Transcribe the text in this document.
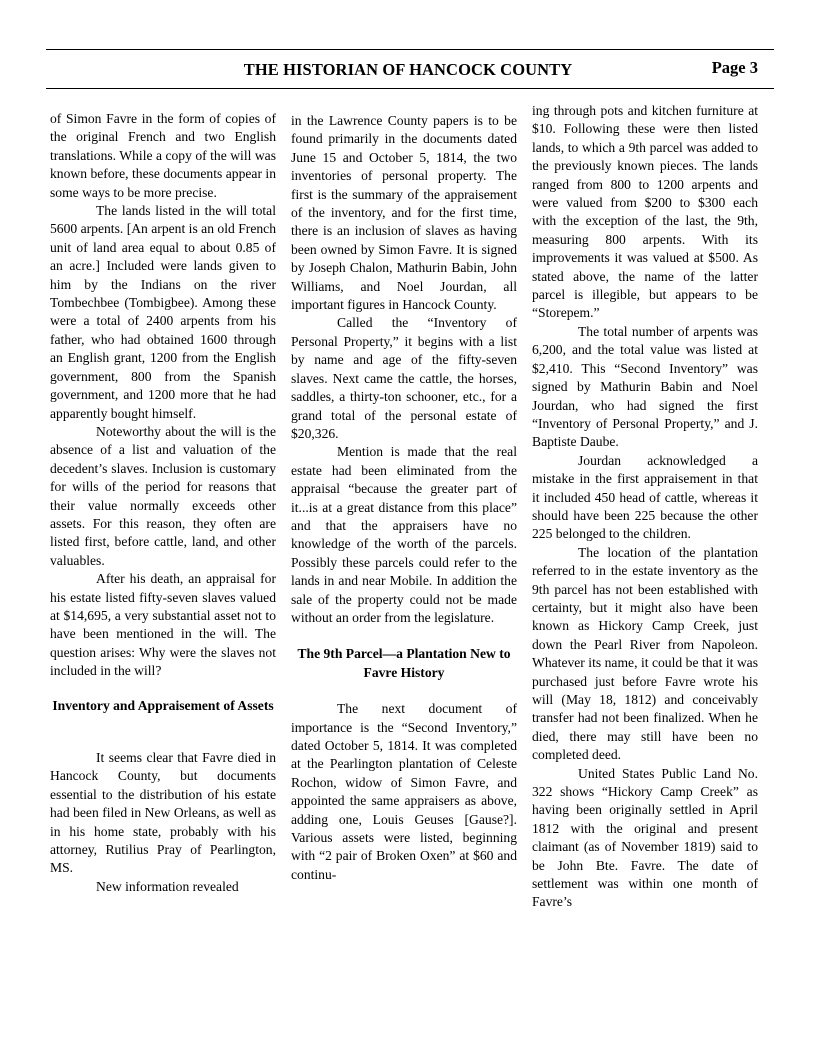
THE HISTORIAN OF HANCOCK COUNTY	Page 3

of Simon Favre in the form of copies of the original French and two English translations. While a copy of the will was known before, these documents appear in some ways to be more precise.

The lands listed in the will total 5600 arpents. [An arpent is an old French unit of land area equal to about 0.85 of an acre.] Included were lands given to him by the Indians on the river Tombechbee (Tombigbee). Among these were a total of 2400 arpents from his father, who had obtained 1600 through an English grant, 1200 from the English government, 800 from the Spanish government, and 1200 more that he had apparently bought himself.

Noteworthy about the will is the absence of a list and valuation of the decedent’s slaves. Inclusion is customary for wills of the period for reasons that their value normally exceeds other assets. For this reason, they often are listed first, before cattle, land, and other valuables.

After his death, an appraisal for his estate listed fifty-seven slaves valued at $14,695, a very substantial asset not to have been mentioned in the will. The question arises: Why were the slaves not included in the will?

Inventory and Appraisement of Assets

It seems clear that Favre died in Hancock County, but documents essential to the distribution of his estate had been filed in New Orleans, as well as in his home state, probably with his attorney, Rutilius Pray of Pearlington, MS.

New information revealed

in the Lawrence County papers is to be found primarily in the documents dated June 15 and October 5, 1814, the two inventories of personal property. The first is the summary of the appraisement of the inventory, and for the first time, there is an inclusion of slaves as having been owned by Simon Favre. It is signed by Joseph Chalon, Mathurin Babin, John Williams, and Noel Jourdan, all important figures in Hancock County.

Called the “Inventory of Personal Property,” it begins with a list by name and age of the fifty-seven slaves. Next came the cattle, the horses, saddles, a thirty-ton schooner, etc., for a grand total of the personal estate of $20,326.

Mention is made that the real estate had been eliminated from the appraisal “because the greater part of it...is at a great distance from this place” and that the appraisers have no knowledge of the worth of the parcels. Possibly these parcels could refer to the lands in and near Mobile. In addition the sale of the property could not be made without an order from the legislature.

The 9th Parcel—a Plantation New to Favre History

The next document of importance is the “Second Inventory,” dated October 5, 1814. It was completed at the Pearlington plantation of Celeste Rochon, widow of Simon Favre, and appointed the same appraisers as above, adding one, Louis Geuses [Gause?]. Various assets were listed, beginning with “2 pair of Broken Oxen” at $60 and continu-

ing through pots and kitchen furniture at $10. Following these were then listed lands, to which a 9th parcel was added to the previously known pieces. The lands ranged from 800 to 1200 arpents and were valued from $200 to $300 each with the exception of the last, the 9th, measuring 800 arpents. With its improvements it was valued at $500. As stated above, the name of the latter parcel is illegible, but appears to be “Storepem.”

The total number of arpents was 6,200, and the total value was listed at $2,410. This “Second Inventory” was signed by Mathurin Babin and Noel Jourdan, who had signed the first “Inventory of Personal Property,” and J. Baptiste Daube.

Jourdan acknowledged a mistake in the first appraisement in that it included 450 head of cattle, whereas it should have been 225 because the other 225 belonged to the children.

The location of the plantation referred to in the estate inventory as the 9th parcel has not been established with certainty, but it might also have been known as Hickory Camp Creek, just down the Pearl River from Napoleon. Whatever its name, it could be that it was purchased just before Favre wrote his will (May 18, 1812) and conceivably transfer had not been finalized. When he died, there may still have been no completed deed.

United States Public Land No. 322 shows “Hickory Camp Creek” as having been originally settled in April 1812 with the original and present claimant (as of November 1819) said to be John Bte. Favre. The date of settlement was within one month of Favre’s
